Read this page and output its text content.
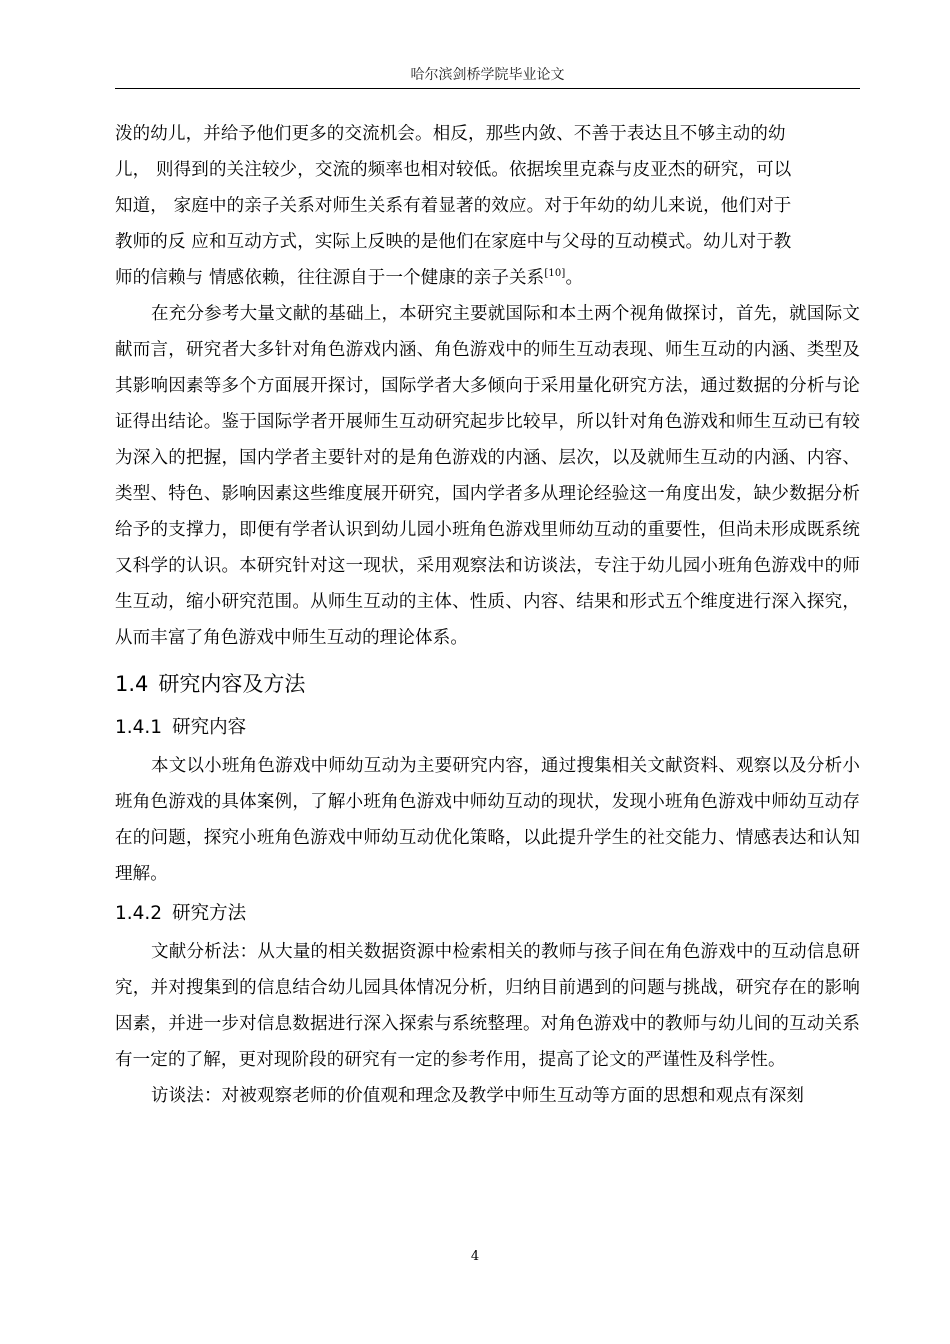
哈尔滨剑桥学院毕业论文
泼的幼儿，并给予他们更多的交流机会。相反，那些内敛、不善于表达且不够主动的幼
儿， 则得到的关注较少，交流的频率也相对较低。依据埃里克森与皮亚杰的研究，可以
知道， 家庭中的亲子关系对师生关系有着显著的效应。对于年幼的幼儿来说，他们对于
教师的反 应和互动方式，实际上反映的是他们在家庭中与父母的互动模式。幼儿对于教
师的信赖与 情感依赖，往往源自于一个健康的亲子关系[10]。

在充分参考大量文献的基础上，本研究主要就国际和本土两个视角做探讨，首先，就国际文献而言，研究者大多针对角色游戏内涵、角色游戏中的师生互动表现、师生互动的内涵、类型及其影响因素等多个方面展开探讨，国际学者大多倾向于采用量化研究方法，通过数据的分析与论证得出结论。鉴于国际学者开展师生互动研究起步比较早，所以针对角色游戏和师生互动已有较为深入的把握，国内学者主要针对的是角色游戏的内涵、层次，以及就师生互动的内涵、内容、类型、特色、影响因素这些维度展开研究，国内学者多从理论经验这一角度出发，缺少数据分析给予的支撑力，即便有学者认识到幼儿园小班角色游戏里师幼互动的重要性，但尚未形成既系统又科学的认识。本研究针对这一现状，采用观察法和访谈法，专注于幼儿园小班角色游戏中的师生互动，缩小研究范围。从师生互动的主体、性质、内容、结果和形式五个维度进行深入探究，从而丰富了角色游戏中师生互动的理论体系。

1.4 研究内容及方法
1.4.1 研究内容

本文以小班角色游戏中师幼互动为主要研究内容，通过搜集相关文献资料、观察以及分析小班角色游戏的具体案例，了解小班角色游戏中师幼互动的现状，发现小班角色游戏中师幼互动存在的问题，探究小班角色游戏中师幼互动优化策略，以此提升学生的社交能力、情感表达和认知理解。

1.4.2 研究方法

文献分析法：从大量的相关数据资源中检索相关的教师与孩子间在角色游戏中的互动信息研究，并对搜集到的信息结合幼儿园具体情况分析，归纳目前遇到的问题与挑战，研究存在的影响因素，并进一步对信息数据进行深入探索与系统整理。对角色游戏中的教师与幼儿间的互动关系有一定的了解，更对现阶段的研究有一定的参考作用，提高了论文的严谨性及科学性。

访谈法：对被观察老师的价值观和理念及教学中师生互动等方面的思想和观点有深刻

4
